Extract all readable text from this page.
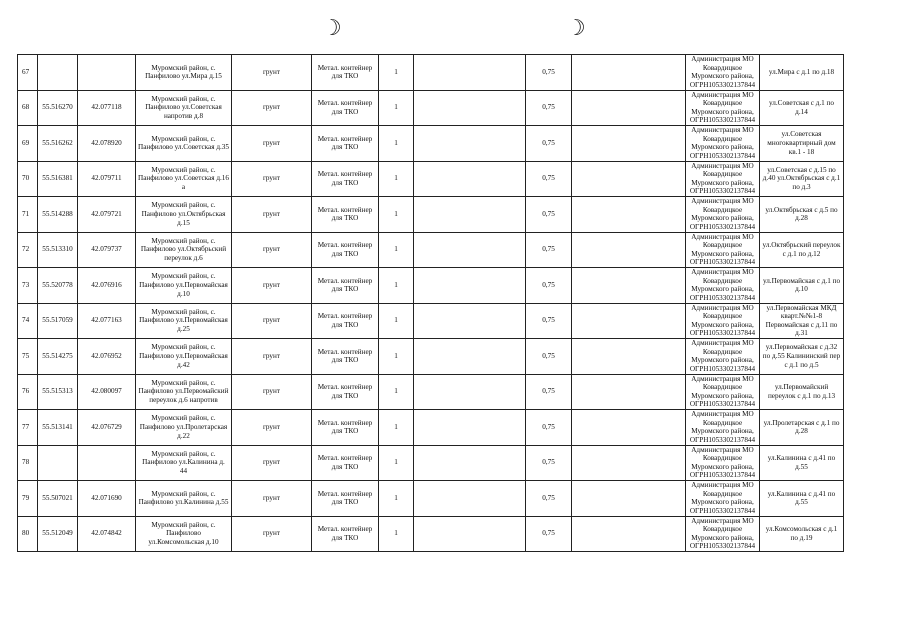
☽	☽
67			Муромский район, с. Панфилово ул.Мира д.15	грунт	Метал. контейнер для ТКО	1		0,75		Администрация МО Ковардицкое Муромского района, ОГРН1053302137844	ул.Мира с д.1 по д.18
68	55.516270	42.077118	Муромский район, с. Панфилово ул.Советская напротив д.8	грунт	Метал. контейнер для ТКО	1		0,75		Администрация МО Ковардицкое Муромского района, ОГРН1053302137844	ул.Советская с д.1 по д.14
69	55.516262	42.078920	Муромский район, с. Панфилово ул.Советская д.35	грунт	Метал. контейнер для ТКО	1		0,75		Администрация МО Ковардицкое Муромского района, ОГРН1053302137844	ул.Советская многоквартирный дом кв.1 - 18
70	55.516381	42.079711	Муромский район, с. Панфилово ул.Советская д.16 а	грунт	Метал. контейнер для ТКО	1		0,75		Администрация МО Ковардицкое Муромского района, ОГРН1053302137844	ул.Советская с д.15 по д.40 ул.Октябрьская с д.1 по д.3
71	55.514288	42.079721	Муромский район, с. Панфилово ул.Октябрьская д.15	грунт	Метал. контейнер для ТКО	1		0,75		Администрация МО Ковардицкое Муромского района, ОГРН1053302137844	ул.Октябрьская с д.5 по д.28
72	55.513310	42.079737	Муромский район, с. Панфилово ул.Октябрьский переулок д.6	грунт	Метал. контейнер для ТКО	1		0,75		Администрация МО Ковардицкое Муромского района, ОГРН1053302137844	ул.Октябрьский переулок с д.1 по д.12
73	55.520778	42.076916	Муромский район, с. Панфилово ул.Первомайская д.10	грунт	Метал. контейнер для ТКО	1		0,75		Администрация МО Ковардицкое Муромского района, ОГРН1053302137844	ул.Первомайская с д.1 по д.10
74	55.517059	42.077163	Муромский район, с. Панфилово ул.Первомайская д.25	грунт	Метал. контейнер для ТКО	1		0,75		Администрация МО Ковардицкое Муромского района, ОГРН1053302137844	ул.Первомайская МКД кварт.№№1-8 Первомайская с д.11 по д.31
75	55.514275	42.076952	Муромский район, с. Панфилово ул.Первомайская д.42	грунт	Метал. контейнер для ТКО	1		0,75		Администрация МО Ковардицкое Муромского района, ОГРН1053302137844	ул.Первомайская с д.32 по д.55 Калининский пер с д.1 по д.5
76	55.515313	42.080097	Муромский район, с. Панфилово ул.Первомайский переулок д.6 напротив	грунт	Метал. контейнер для ТКО	1		0,75		Администрация МО Ковардицкое Муромского района, ОГРН1053302137844	ул.Первомайский переулок с д.1 по д.13
77	55.513141	42.076729	Муромский район, с. Панфилово ул.Пролетарская д.22	грунт	Метал. контейнер для ТКО	1		0,75		Администрация МО Ковардицкое Муромского района, ОГРН1053302137844	ул.Пролетарская с д.1 по д.28
78			Муромский район, с. Панфилово ул.Калинина д. 44	грунт	Метал. контейнер для ТКО	1		0,75		Администрация МО Ковардицкое Муромского района, ОГРН1053302137844	ул.Калинина с д.41 по д.55
79	55.507021	42.071690	Муромский район, с. Панфилово ул.Калинина д.55	грунт	Метал. контейнер для ТКО	1		0,75		Администрация МО Ковардицкое Муромского района, ОГРН1053302137844	ул.Калинина с д.41 по д.55
80	55.512049	42.074842	Муромский район, с. Панфилово ул.Комсомольская д.10	грунт	Метал. контейнер для ТКО	1		0,75		Администрация МО Ковардицкое Муромского района, ОГРН1053302137844	ул.Комсомольская с д.1 по д.19
